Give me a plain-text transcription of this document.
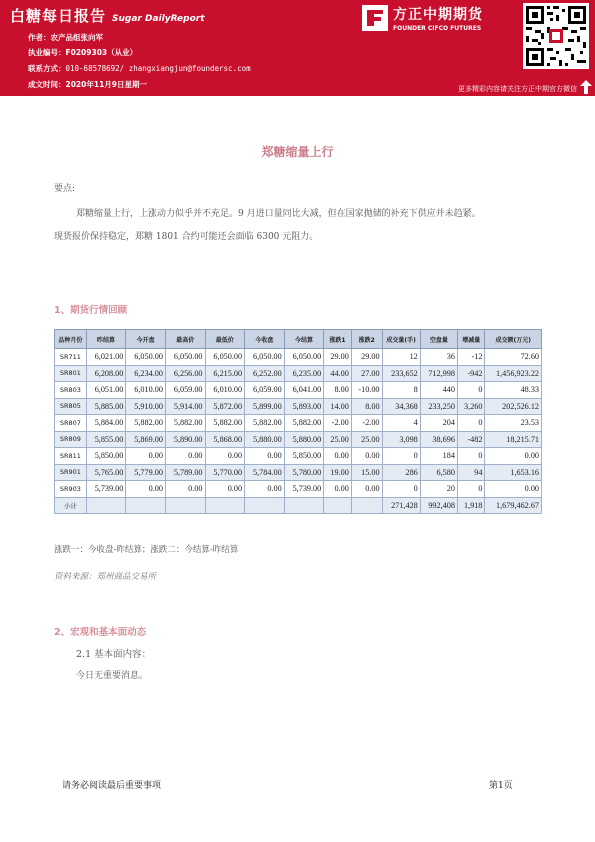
白糖每日报告 Sugar DailyReport
作者：农产品组张向军
执业编号：F0209303（从业）
联系方式：010-68578692/ zhangxiangjun@foundersc.com
成文时间：2020年11月9日星期一
方正中期期货
FOUNDER CIFCO FUTURES
更多精彩内容请关注方正中期官方微信
郑糖缩量上行
要点:
郑糖缩量上行，上涨动力似乎并不充足。9 月进口量同比大减，但在国家抛储的补充下供应并未趋紧。
现货报价保持稳定，郑糖 1801 合约可能还会面临 6300 元阻力。
1、期货行情回顾
品种月份	昨结算	今开盘	最高价	最低价	今收盘	今结算	涨跌1	涨跌2	成交量(手)	空盘量	增减量	成交额(万元)
SR711	6,021.00	6,050.00	6,050.00	6,050.00	6,050.00	6,050.00	29.00	29.00	12	36	-12	72.60
SR801	6,208.00	6,234.00	6,256.00	6,215.00	6,252.00	6,235.00	44.00	27.00	233,652	712,998	-942	1,456,923.22
SR803	6,051.00	6,010.00	6,059.00	6,010.00	6,059.00	6,041.00	8.00	-10.00	8	440	0	48.33
SR805	5,885.00	5,910.00	5,914.00	5,872.00	5,899.00	5,893.00	14.00	8.00	34,368	233,250	3,260	202,526.12
SR807	5,884.00	5,882.00	5,882.00	5,882.00	5,882.00	5,882.00	-2.00	-2.00	4	204	0	23.53
SR809	5,855.00	5,869.00	5,890.00	5,868.00	5,880.00	5,880.00	25.00	25.00	3,098	38,696	-482	18,215.71
SR811	5,850.00	0.00	0.00	0.00	0.00	5,850.00	0.00	0.00	0	184	0	0.00
SR901	5,765.00	5,779.00	5,789.00	5,770.00	5,784.00	5,780.00	19.00	15.00	286	6,580	94	1,653.16
SR903	5,739.00	0.00	0.00	0.00	0.00	5,739.00	0.00	0.00	0	20	0	0.00
小计									271,428	992,408	1,918	1,679,462.67
涨跌一：今收盘-昨结算；涨跌二：今结算-昨结算
资料来源：郑州商品交易所
2、宏观和基本面动态
2.1 基本面内容：
今日无重要消息。
请务必阅读最后重要事项	第1页
